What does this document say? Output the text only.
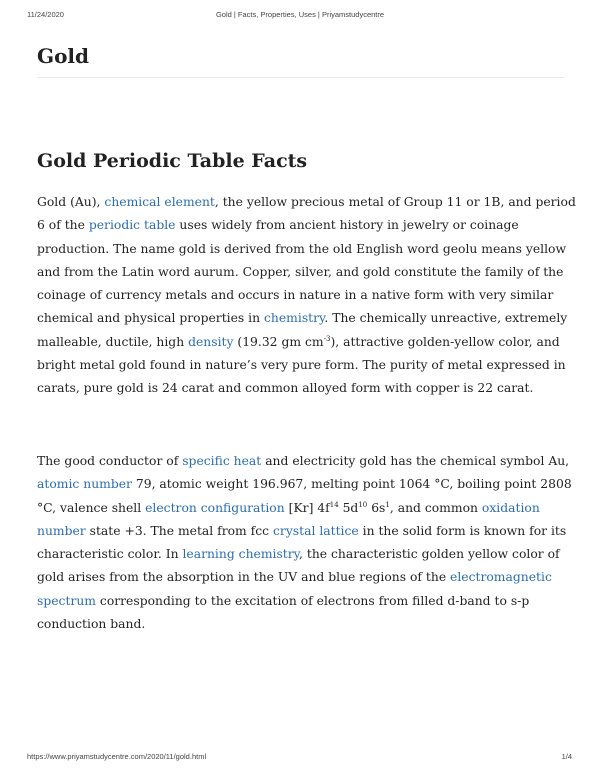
11/24/2020	Gold | Facts, Properties, Uses | Priyamstudycentre
Gold
Gold Periodic Table Facts
Gold (Au), chemical element, the yellow precious metal of Group 11 or 1B, and period
6 of the periodic table uses widely from ancient history in jewelry or coinage
production. The name gold is derived from the old English word geolu means yellow
and from the Latin word aurum. Copper, silver, and gold constitute the family of the
coinage of currency metals and occurs in nature in a native form with very similar
chemical and physical properties in chemistry. The chemically unreactive, extremely
malleable, ductile, high density (19.32 gm $cm^{-3}$), attractive golden-yellow color, and
bright metal gold found in nature’s very pure form. The purity of metal expressed in
carats, pure gold is 24 carat and common alloyed form with copper is 22 carat.
The good conductor of specific heat and electricity gold has the chemical symbol Au,
atomic number 79, atomic weight 196.967, melting point 1064 °C, boiling point 2808
°C, valence shell electron configuration [Kr] $4f^{14}$ $5d^{10}$ $6s^1$, and common oxidation
number state +3. The metal from fcc crystal lattice in the solid form is known for its
characteristic color. In learning chemistry, the characteristic golden yellow color of
gold arises from the absorption in the UV and blue regions of the electromagnetic
spectrum corresponding to the excitation of electrons from filled d-band to s-p
conduction band.
https://www.priyamstudycentre.com/2020/11/gold.html	1/4
